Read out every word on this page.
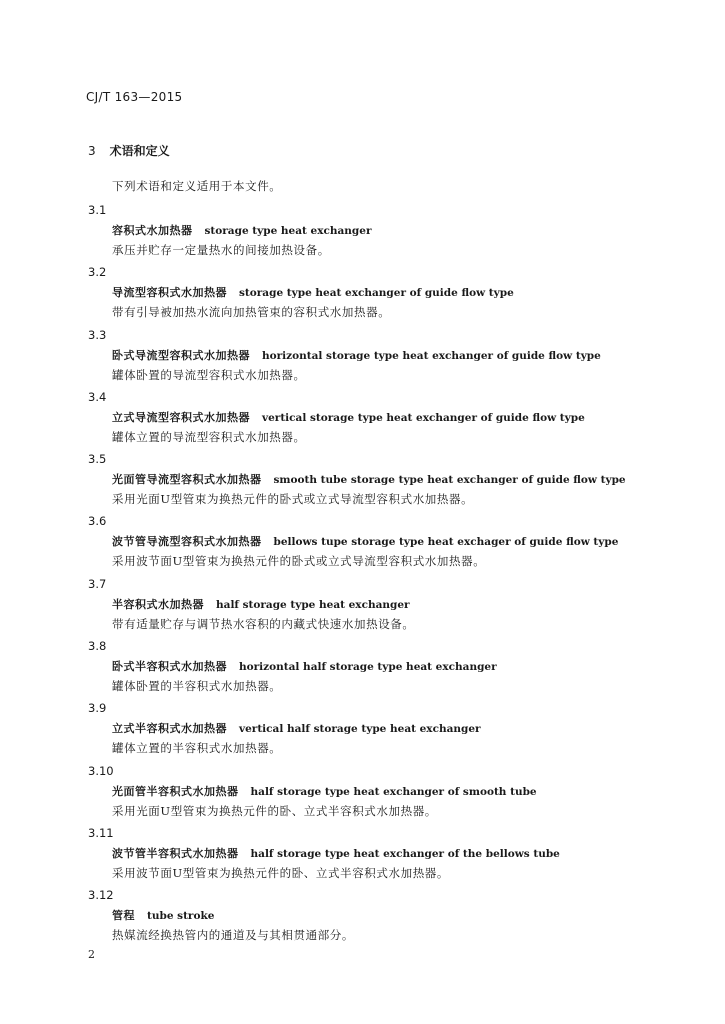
CJ/T 163—2015
3 术语和定义
下列术语和定义适用于本文件。
3.1
容积式水加热器 storage type heat exchanger
承压并贮存一定量热水的间接加热设备。
3.2
导流型容积式水加热器 storage type heat exchanger of guide flow type
带有引导被加热水流向加热管束的容积式水加热器。
3.3
卧式导流型容积式水加热器 horizontal storage type heat exchanger of guide flow type
罐体卧置的导流型容积式水加热器。
3.4
立式导流型容积式水加热器 vertical storage type heat exchanger of guide flow type
罐体立置的导流型容积式水加热器。
3.5
光面管导流型容积式水加热器 smooth tube storage type heat exchanger of guide flow type
采用光面U型管束为换热元件的卧式或立式导流型容积式水加热器。
3.6
波节管导流型容积式水加热器 bellows tupe storage type heat exchager of guide flow type
采用波节面U型管束为换热元件的卧式或立式导流型容积式水加热器。
3.7
半容积式水加热器 half storage type heat exchanger
带有适量贮存与调节热水容积的内藏式快速水加热设备。
3.8
卧式半容积式水加热器 horizontal half storage type heat exchanger
罐体卧置的半容积式水加热器。
3.9
立式半容积式水加热器 vertical half storage type heat exchanger
罐体立置的半容积式水加热器。
3.10
光面管半容积式水加热器 half storage type heat exchanger of smooth tube
采用光面U型管束为换热元件的卧、立式半容积式水加热器。
3.11
波节管半容积式水加热器 half storage type heat exchanger of the bellows tube
采用波节面U型管束为换热元件的卧、立式半容积式水加热器。
3.12
管程 tube stroke
热媒流经换热管内的通道及与其相贯通部分。
2
